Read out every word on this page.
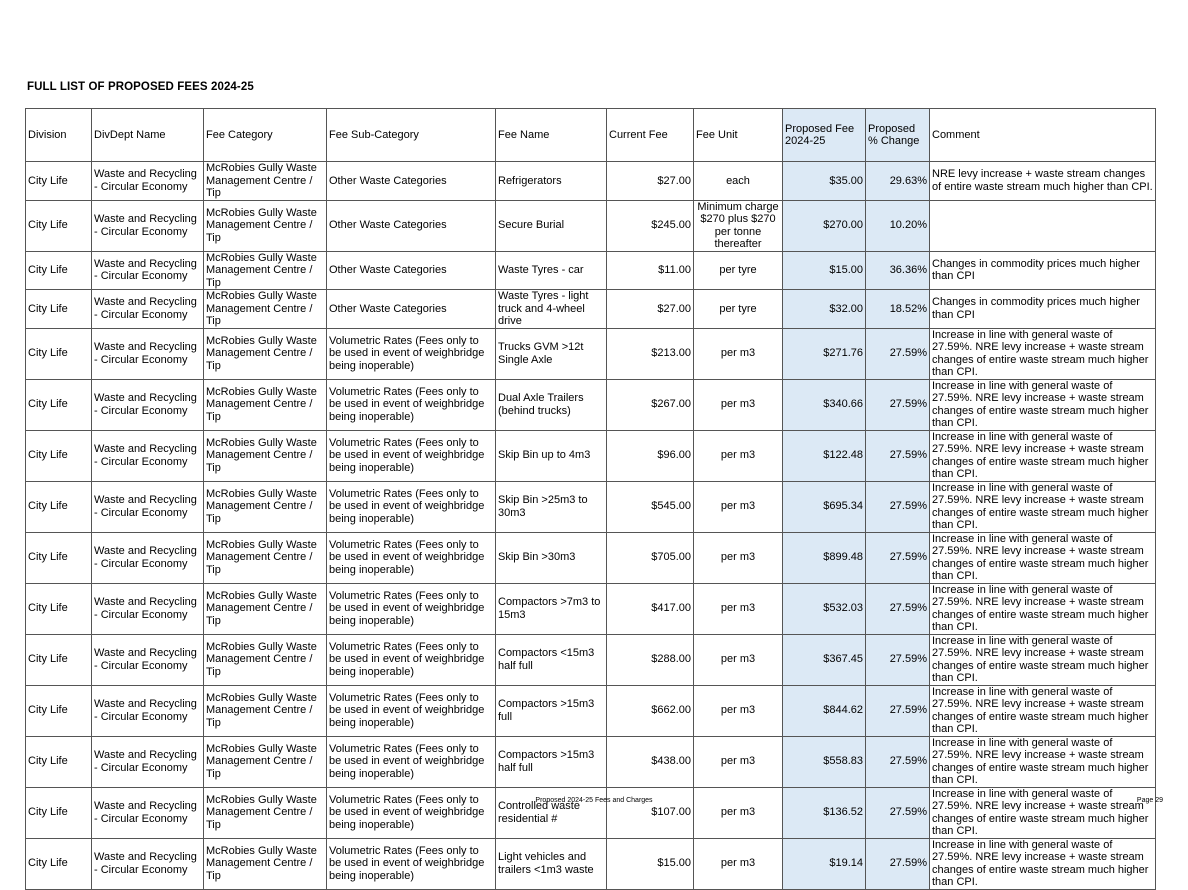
FULL LIST OF PROPOSED FEES 2024-25
Division	DivDept Name	Fee Category	Fee Sub-Category	Fee Name	Current Fee	Fee Unit	Proposed Fee 2024-25	Proposed % Change	Comment
City Life	Waste and Recycling - Circular Economy	McRobies Gully Waste Management Centre / Tip	Other Waste Categories	Refrigerators	$27.00	each	$35.00	29.63%	NRE levy increase + waste stream changes of entire waste stream much higher than CPI.
City Life	Waste and Recycling - Circular Economy	McRobies Gully Waste Management Centre / Tip	Other Waste Categories	Secure Burial	$245.00	Minimum charge $270 plus $270 per tonne thereafter	$270.00	10.20%	
City Life	Waste and Recycling - Circular Economy	McRobies Gully Waste Management Centre / Tip	Other Waste Categories	Waste Tyres - car	$11.00	per tyre	$15.00	36.36%	Changes in commodity prices much higher than CPI
City Life	Waste and Recycling - Circular Economy	McRobies Gully Waste Management Centre / Tip	Other Waste Categories	Waste Tyres - light truck and 4-wheel drive	$27.00	per tyre	$32.00	18.52%	Changes in commodity prices much higher than CPI
City Life	Waste and Recycling - Circular Economy	McRobies Gully Waste Management Centre / Tip	Volumetric Rates (Fees only to be used in event of weighbridge being inoperable)	Trucks GVM >12t Single Axle	$213.00	per m3	$271.76	27.59%	Increase in line with general waste of 27.59%. NRE levy increase + waste stream changes of entire waste stream much higher than CPI.
City Life	Waste and Recycling - Circular Economy	McRobies Gully Waste Management Centre / Tip	Volumetric Rates (Fees only to be used in event of weighbridge being inoperable)	Dual Axle Trailers (behind trucks)	$267.00	per m3	$340.66	27.59%	Increase in line with general waste of 27.59%. NRE levy increase + waste stream changes of entire waste stream much higher than CPI.
City Life	Waste and Recycling - Circular Economy	McRobies Gully Waste Management Centre / Tip	Volumetric Rates (Fees only to be used in event of weighbridge being inoperable)	Skip Bin up to 4m3	$96.00	per m3	$122.48	27.59%	Increase in line with general waste of 27.59%. NRE levy increase + waste stream changes of entire waste stream much higher than CPI.
City Life	Waste and Recycling - Circular Economy	McRobies Gully Waste Management Centre / Tip	Volumetric Rates (Fees only to be used in event of weighbridge being inoperable)	Skip Bin >25m3 to 30m3	$545.00	per m3	$695.34	27.59%	Increase in line with general waste of 27.59%. NRE levy increase + waste stream changes of entire waste stream much higher than CPI.
City Life	Waste and Recycling - Circular Economy	McRobies Gully Waste Management Centre / Tip	Volumetric Rates (Fees only to be used in event of weighbridge being inoperable)	Skip Bin >30m3	$705.00	per m3	$899.48	27.59%	Increase in line with general waste of 27.59%. NRE levy increase + waste stream changes of entire waste stream much higher than CPI.
City Life	Waste and Recycling - Circular Economy	McRobies Gully Waste Management Centre / Tip	Volumetric Rates (Fees only to be used in event of weighbridge being inoperable)	Compactors >7m3 to 15m3	$417.00	per m3	$532.03	27.59%	Increase in line with general waste of 27.59%. NRE levy increase + waste stream changes of entire waste stream much higher than CPI.
City Life	Waste and Recycling - Circular Economy	McRobies Gully Waste Management Centre / Tip	Volumetric Rates (Fees only to be used in event of weighbridge being inoperable)	Compactors <15m3 half full	$288.00	per m3	$367.45	27.59%	Increase in line with general waste of 27.59%. NRE levy increase + waste stream changes of entire waste stream much higher than CPI.
City Life	Waste and Recycling - Circular Economy	McRobies Gully Waste Management Centre / Tip	Volumetric Rates (Fees only to be used in event of weighbridge being inoperable)	Compactors >15m3 full	$662.00	per m3	$844.62	27.59%	Increase in line with general waste of 27.59%. NRE levy increase + waste stream changes of entire waste stream much higher than CPI.
City Life	Waste and Recycling - Circular Economy	McRobies Gully Waste Management Centre / Tip	Volumetric Rates (Fees only to be used in event of weighbridge being inoperable)	Compactors >15m3 half full	$438.00	per m3	$558.83	27.59%	Increase in line with general waste of 27.59%. NRE levy increase + waste stream changes of entire waste stream much higher than CPI.
City Life	Waste and Recycling - Circular Economy	McRobies Gully Waste Management Centre / Tip	Volumetric Rates (Fees only to be used in event of weighbridge being inoperable)	Controlled waste residential #	$107.00	per m3	$136.52	27.59%	Increase in line with general waste of 27.59%. NRE levy increase + waste stream changes of entire waste stream much higher than CPI.
City Life	Waste and Recycling - Circular Economy	McRobies Gully Waste Management Centre / Tip	Volumetric Rates (Fees only to be used in event of weighbridge being inoperable)	Light vehicles and trailers <1m3 waste	$15.00	per m3	$19.14	27.59%	Increase in line with general waste of 27.59%. NRE levy increase + waste stream changes of entire waste stream much higher than CPI.
Proposed 2024-25 Fees and Charges	Page 29
